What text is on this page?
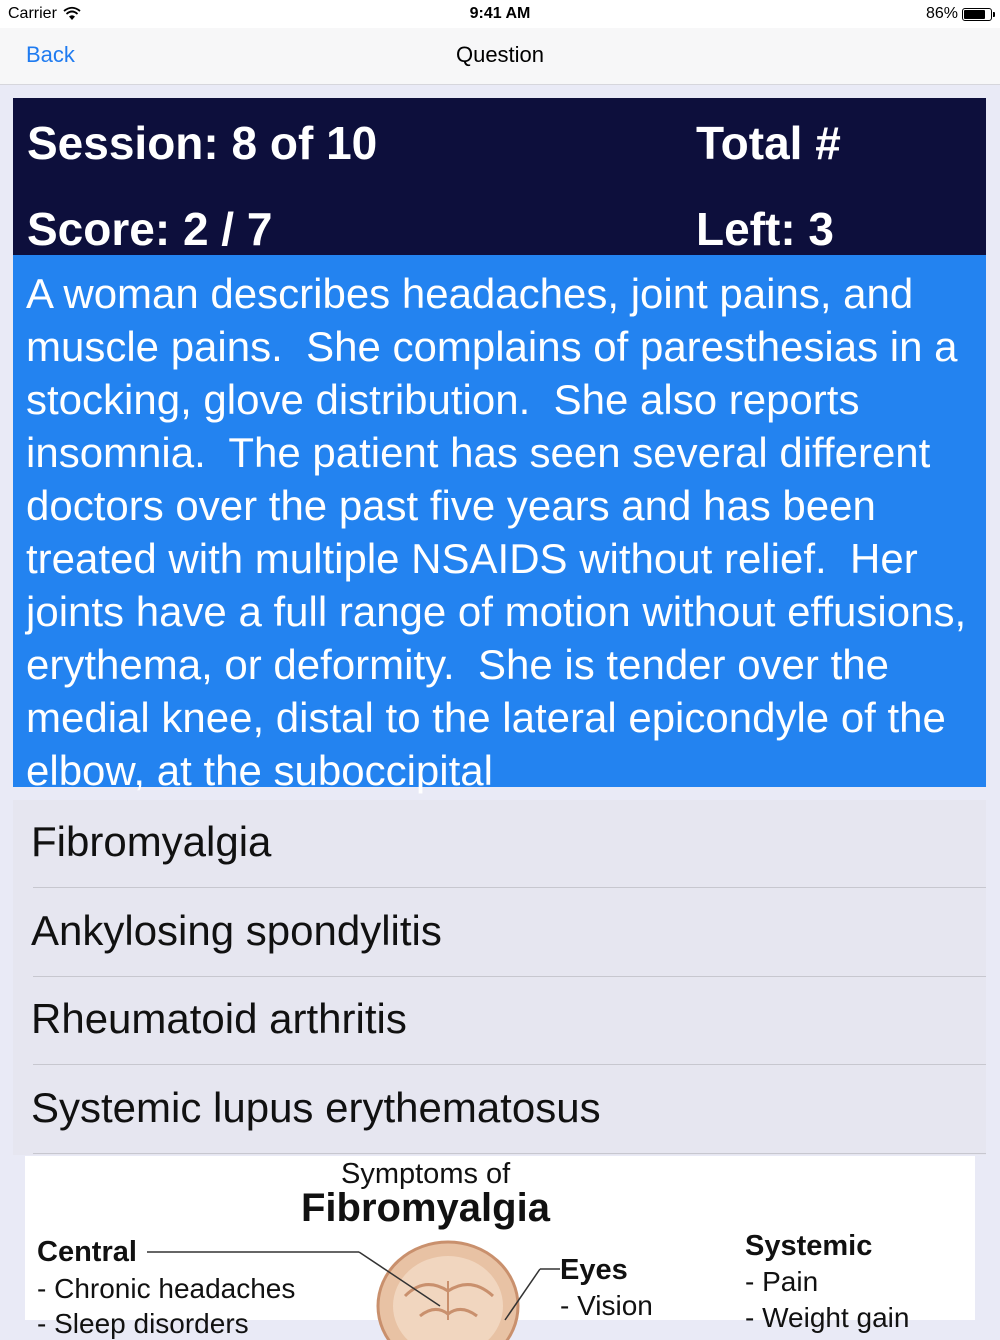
Carrier	9:41 AM	86%
Back	Question
Session: 8 of 10
Score: 2 / 7
Total #
Left: 3
A woman describes headaches, joint pains, and muscle pains.  She complains of paresthesias in a stocking, glove distribution.  She also reports insomnia.  The patient has seen several different doctors over the past five years and has been treated with multiple NSAIDS without relief.  Her joints have a full range of motion without effusions, erythema, or deformity.  She is tender over the medial knee, distal to the lateral epicondyle of the elbow, at the suboccipital
Fibromyalgia
Ankylosing spondylitis
Rheumatoid arthritis
Systemic lupus erythematosus
Symptoms of
Fibromyalgia
Central
- Chronic headaches
- Sleep disorders
Eyes
- Vision
Systemic
- Pain
- Weight gain
